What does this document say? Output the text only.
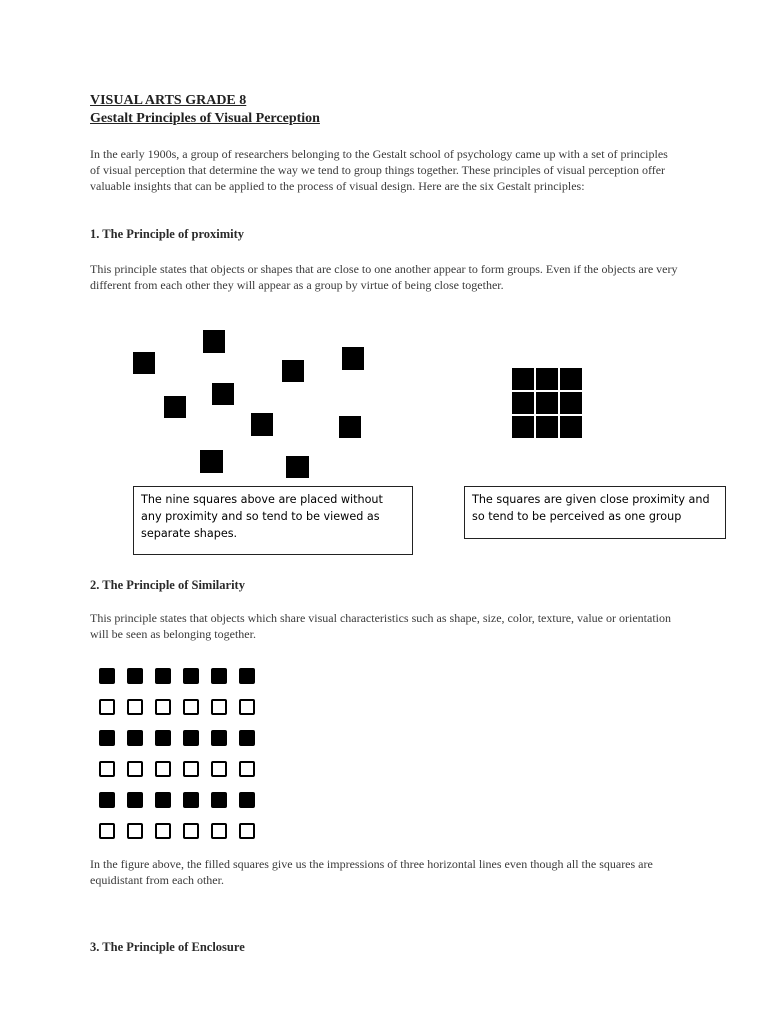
VISUAL ARTS GRADE 8
Gestalt Principles of Visual Perception
In the early 1900s, a group of researchers belonging to the Gestalt school of psychology came up with a set of principles of visual perception that determine the way we tend to group things together. These principles of visual perception offer valuable insights that can be applied to the process of visual design. Here are the six Gestalt principles:
1. The Principle of proximity
This principle states that objects or shapes that are close to one another appear to form groups. Even if the objects are very different from each other they will appear as a group by virtue of being close together.
The nine squares above are placed without any proximity and so tend to be viewed as separate shapes.
The squares are given close proximity and so tend to be perceived as one group
2. The Principle of Similarity
This principle states that objects which share visual characteristics such as shape, size, color, texture, value or orientation will be seen as belonging together.
In the figure above, the filled squares give us the impressions of three horizontal lines even though all the squares are equidistant from each other.
3. The Principle of Enclosure
